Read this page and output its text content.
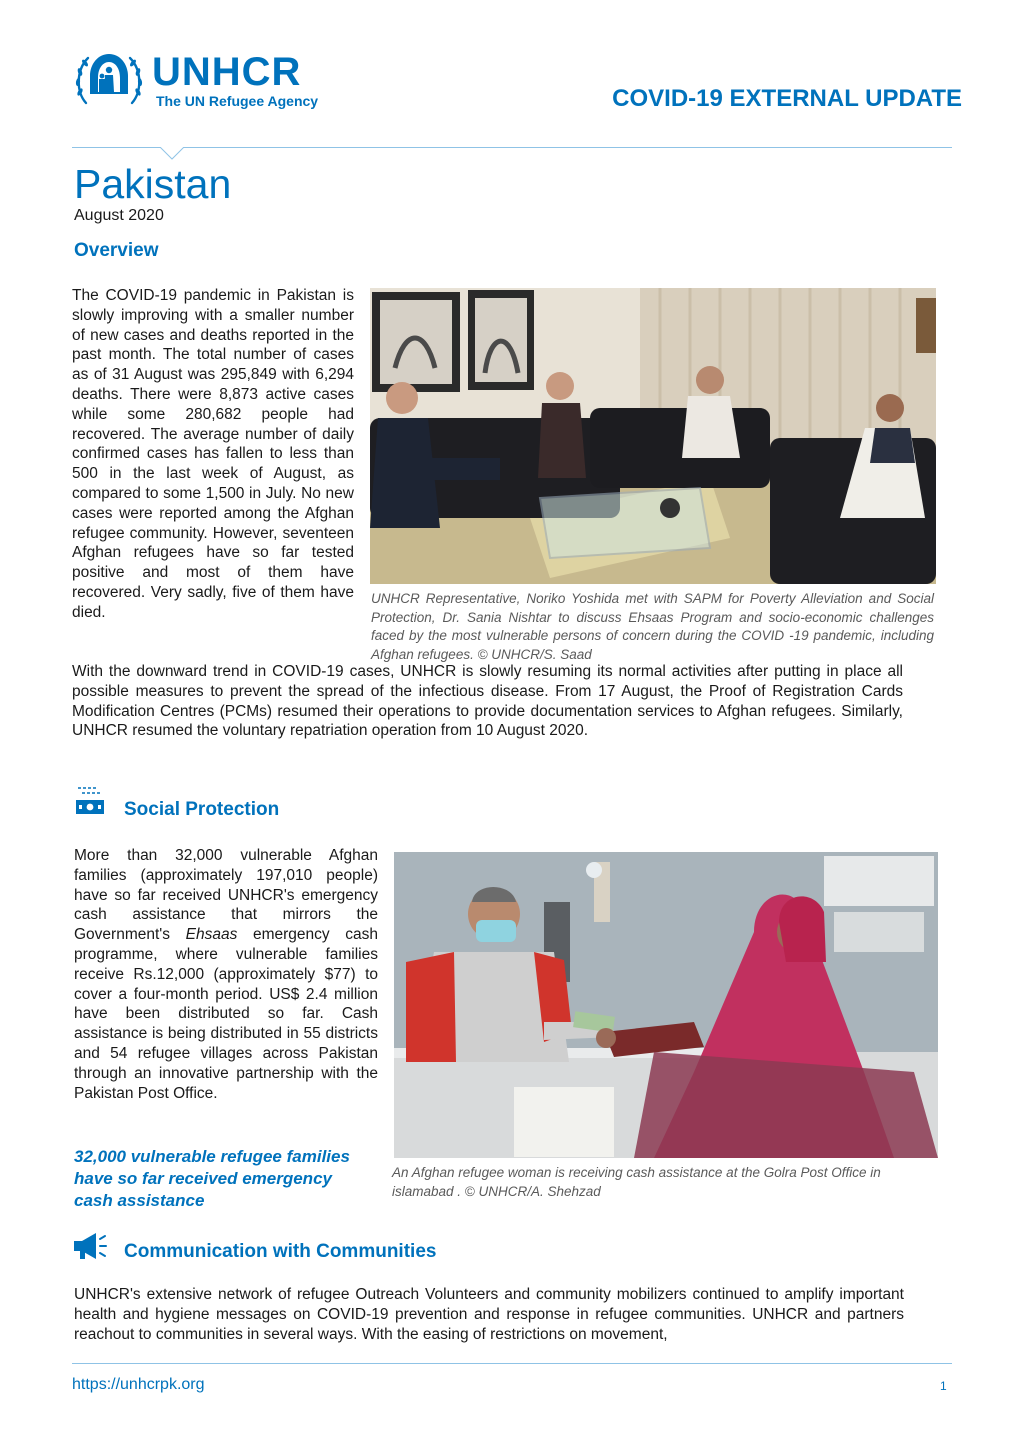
UNHCR
The UN Refugee Agency	COVID-19 EXTERNAL UPDATE
Pakistan
August 2020
Overview

The COVID-19 pandemic in Pakistan is slowly improving with a smaller number of new cases and deaths reported in the past month. The total number of cases as of 31 August was 295,849 with 6,294 deaths. There were 8,873 active cases while some 280,682 people had recovered. The average number of daily confirmed cases has fallen to less than 500 in the last week of August, as compared to some 1,500 in July. No new cases were reported among the Afghan refugee community. However, seventeen Afghan refugees have so far tested positive and most of them have recovered. Very sadly, five of them have died.

UNHCR Representative, Noriko Yoshida met with SAPM for Poverty Alleviation and Social Protection, Dr. Sania Nishtar to discuss Ehsaas Program and socio-economic challenges faced by the most vulnerable persons of concern during the COVID -19 pandemic, including Afghan refugees. © UNHCR/S. Saad

With the downward trend in COVID-19 cases, UNHCR is slowly resuming its normal activities after putting in place all possible measures to prevent the spread of the infectious disease. From 17 August, the Proof of Registration Cards Modification Centres (PCMs) resumed their operations to provide documentation services to Afghan refugees. Similarly, UNHCR resumed the voluntary repatriation operation from 10 August 2020.

Social Protection

More than 32,000 vulnerable Afghan families (approximately 197,010 people) have so far received UNHCR's emergency cash assistance that mirrors the Government's Ehsaas emergency cash programme, where vulnerable families receive Rs.12,000 (approximately $77) to cover a four-month period. US$ 2.4 million have been distributed so far. Cash assistance is being distributed in 55 districts and 54 refugee villages across Pakistan through an innovative partnership with the Pakistan Post Office.

32,000 vulnerable refugee families have so far received emergency cash assistance

An Afghan refugee woman is receiving cash assistance at the Golra Post Office in islamabad . © UNHCR/A. Shehzad

Communication with Communities

UNHCR's extensive network of refugee Outreach Volunteers and community mobilizers continued to amplify important health and hygiene messages on COVID-19 prevention and response in refugee communities. UNHCR and partners reachout to communities in several ways. With the easing of restrictions on movement,

https://unhcrpk.org	1
